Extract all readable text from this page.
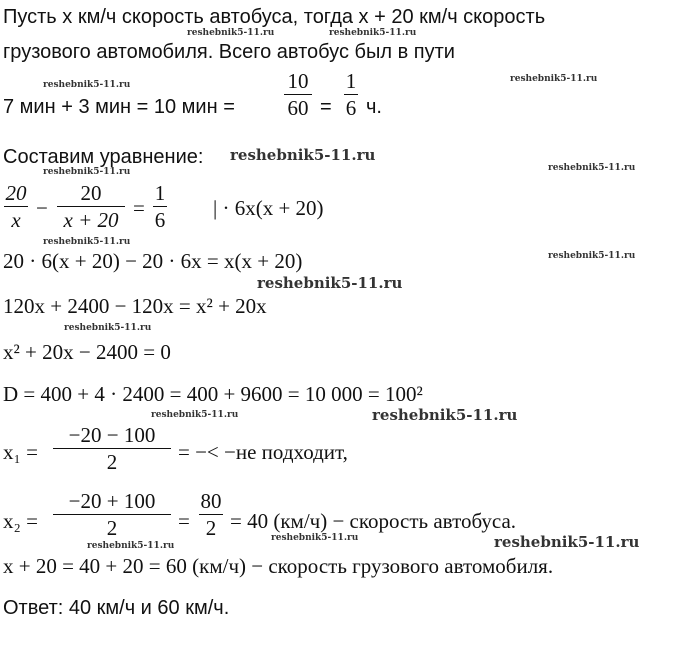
Пусть x км/ч скорость автобуса, тогда x + 20 км/ч скорость
грузового автомобиля. Всего автобус был в пути
7 мин + 3 мин = 10 мин =
10
60 =
1
6 ч.
Составим уравнение:
20
x −
20
x + 20 =
1
6 | · 6x(x + 20)
20 · 6(x + 20) − 20 · 6x = x(x + 20)
120x + 2400 − 120x = x² + 20x
x² + 20x − 2400 = 0
D = 400 + 4 · 2400 = 400 + 9600 = 10 000 = 100²
x₁ =
−20 − 100
2	= −< −не подходит,
x₂ =
−20 + 100
2	=
80
2 = 40 (км/ч) − скорость автобуса.
x + 20 = 40 + 20 = 60 (км/ч) − скорость грузового автомобиля.
Ответ: 40 км/ч и 60 км/ч.
reshebnik5-11.ru	reshebnik5-11.ru
reshebnik5-11.ru
reshebnik5-11.ru
reshebnik5-11.ru
reshebnik5-11.ru	reshebnik5-11.ru
reshebnik5-11.ru
reshebnik5-11.ru
reshebnik5-11.ru
reshebnik5-11.ru
reshebnik5-11.ru	reshebnik5-11.ru
reshebnik5-11.ru
reshebnik5-11.ru	reshebnik5-11.ru
